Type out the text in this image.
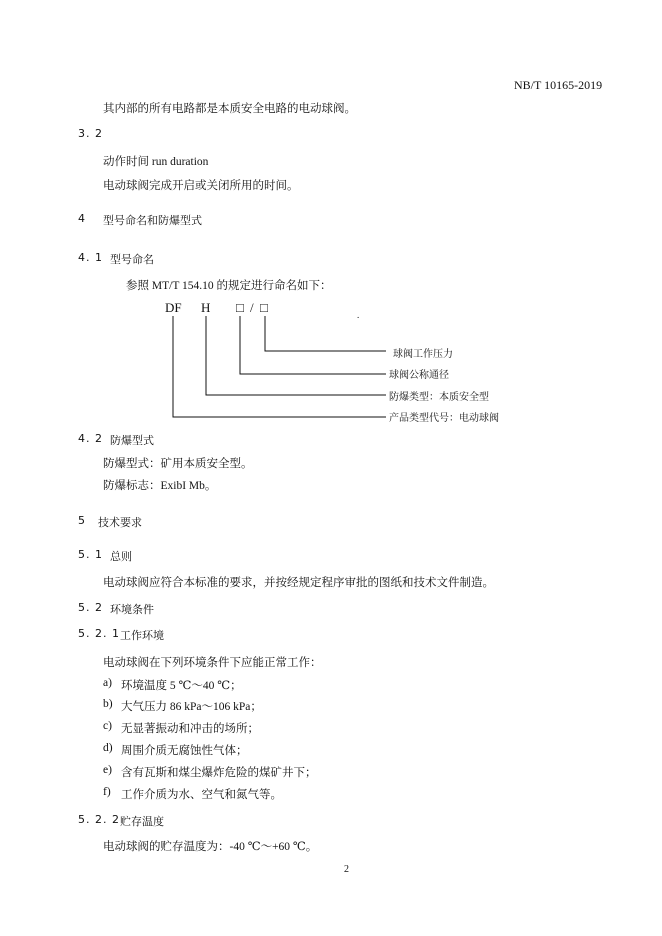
NB/T 10165-2019
其内部的所有电路都是本质安全电路的电动球阀。
3. 2
动作时间 run duration
电动球阀完成开启或关闭所用的时间。
4 型号命名和防爆型式
4. 1 型号命名
参照 MT/T 154.10 的规定进行命名如下：
DF H □ / □	.
球阀工作压力
球阀公称通径
防爆类型：本质安全型
产品类型代号：电动球阀
4. 2 防爆型式
防爆型式：矿用本质安全型。
防爆标志：ExibI Mb。
5 技术要求
5. 1 总则
电动球阀应符合本标准的要求，并按经规定程序审批的图纸和技术文件制造。
5. 2 环境条件
5. 2. 1 工作环境
电动球阀在下列环境条件下应能正常工作：
a) 环境温度 5 ℃～40 ℃；
b) 大气压力 86 kPa～106 kPa；
c) 无显著振动和冲击的场所；
d) 周围介质无腐蚀性气体；
e) 含有瓦斯和煤尘爆炸危险的煤矿井下；
f) 工作介质为水、空气和氮气等。
5. 2. 2 贮存温度
电动球阀的贮存温度为：-40 ℃～+60 ℃。
2
